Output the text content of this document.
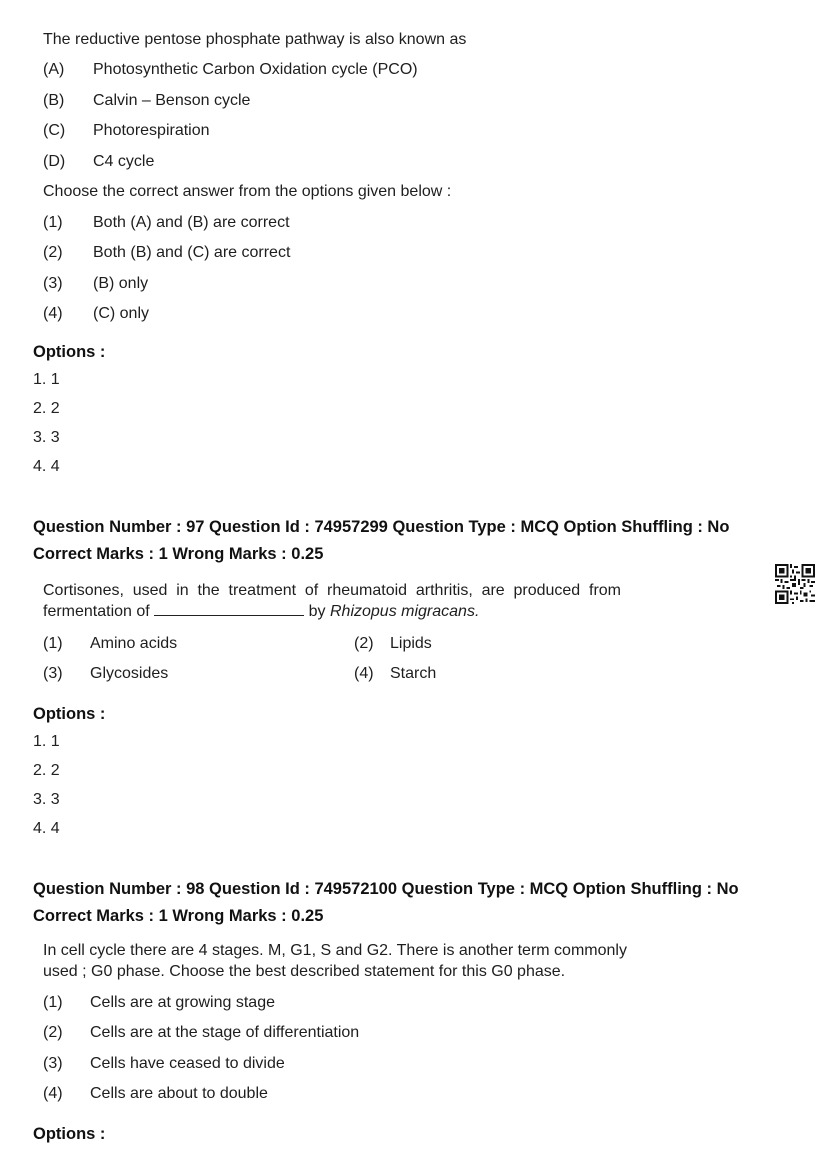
The reductive pentose phosphate pathway is also known as
(A) Photosynthetic Carbon Oxidation cycle (PCO)
(B) Calvin – Benson cycle
(C) Photorespiration
(D) C4 cycle
Choose the correct answer from the options given below :
(1) Both (A) and (B) are correct
(2) Both (B) and (C) are correct
(3) (B) only
(4) (C) only
Options :
1. 1
2. 2
3. 3
4. 4
Question Number : 97 Question Id : 74957299 Question Type : MCQ Option Shuffling : No
Correct Marks : 1 Wrong Marks : 0.25
Cortisones, used in the treatment of rheumatoid arthritis, are produced from
fermentation of	by Rhizopus migracans.
(1) Amino acids	(2) Lipids
(3) Glycosides	(4) Starch
Options :
1. 1
2. 2
3. 3
4. 4
Question Number : 98 Question Id : 749572100 Question Type : MCQ Option Shuffling : No
Correct Marks : 1 Wrong Marks : 0.25
In cell cycle there are 4 stages. M, G1, S and G2. There is another term commonly
used ; G0 phase. Choose the best described statement for this G0 phase.
(1) Cells are at growing stage
(2) Cells are at the stage of differentiation
(3) Cells have ceased to divide
(4) Cells are about to double
Options :
